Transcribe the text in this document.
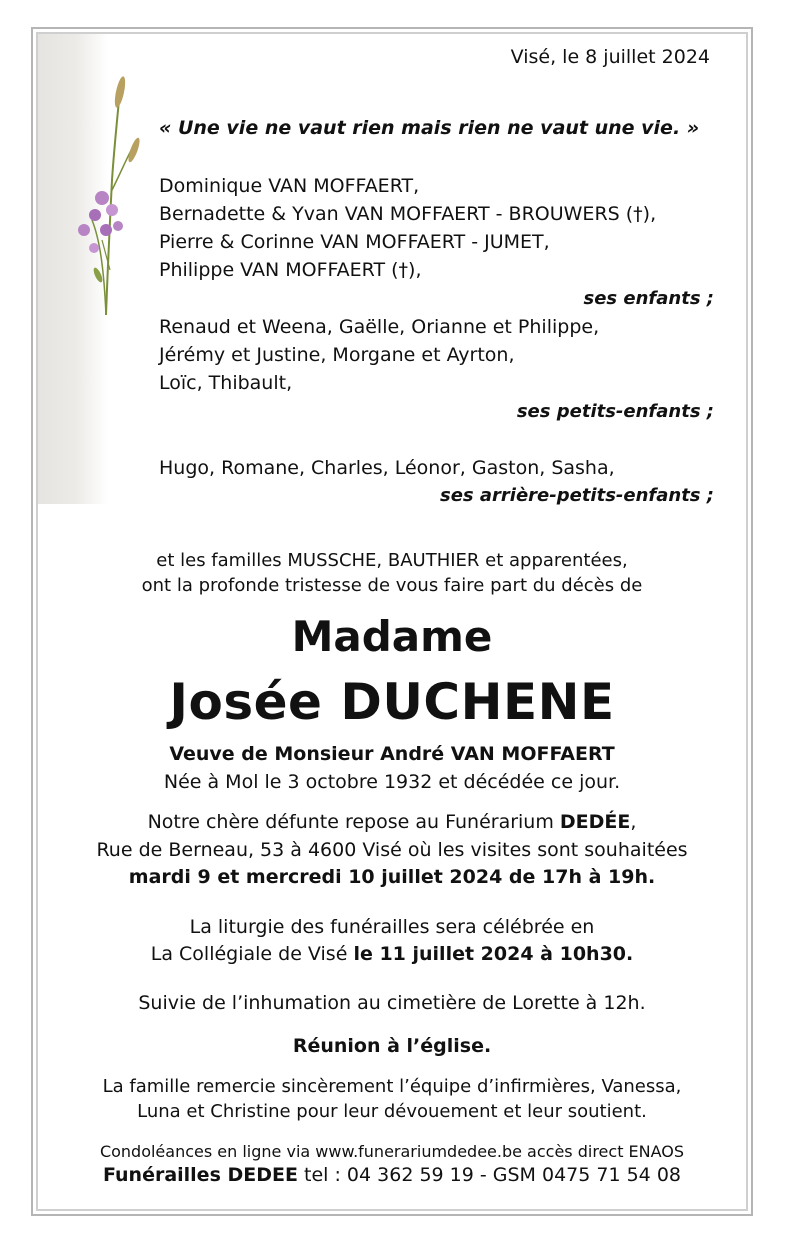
Visé, le 8 juillet 2024
« Une vie ne vaut rien mais rien ne vaut une vie. »
Dominique VAN MOFFAERT,
Bernadette & Yvan VAN MOFFAERT - BROUWERS (†),
Pierre & Corinne VAN MOFFAERT - JUMET,
Philippe VAN MOFFAERT (†),
ses enfants ;
Renaud et Weena, Gaëlle, Orianne et Philippe,
Jérémy et Justine, Morgane et Ayrton,
Loïc, Thibault,
ses petits-enfants ;
Hugo, Romane, Charles, Léonor, Gaston, Sasha,
ses arrière-petits-enfants ;
et les familles MUSSCHE, BAUTHIER et apparentées,
ont la profonde tristesse de vous faire part du décès de
Madame
Josée DUCHENE
Veuve de Monsieur André VAN MOFFAERT
Née à Mol le 3 octobre 1932 et décédée ce jour.
Notre chère défunte repose au Funérarium DEDÉE,
Rue de Berneau, 53 à 4600 Visé où les visites sont souhaitées
mardi 9 et mercredi 10 juillet 2024 de 17h à 19h.
La liturgie des funérailles sera célébrée en
La Collégiale de Visé le 11 juillet 2024 à 10h30.
Suivie de l’inhumation au cimetière de Lorette à 12h.
Réunion à l’église.
La famille remercie sincèrement l’équipe d’infirmières, Vanessa,
Luna et Christine pour leur dévouement et leur soutient.
Condoléances en ligne via www.funerariumdedee.be accès direct ENAOS
Funérailles DEDEE tel : 04 362 59 19 - GSM 0475 71 54 08
